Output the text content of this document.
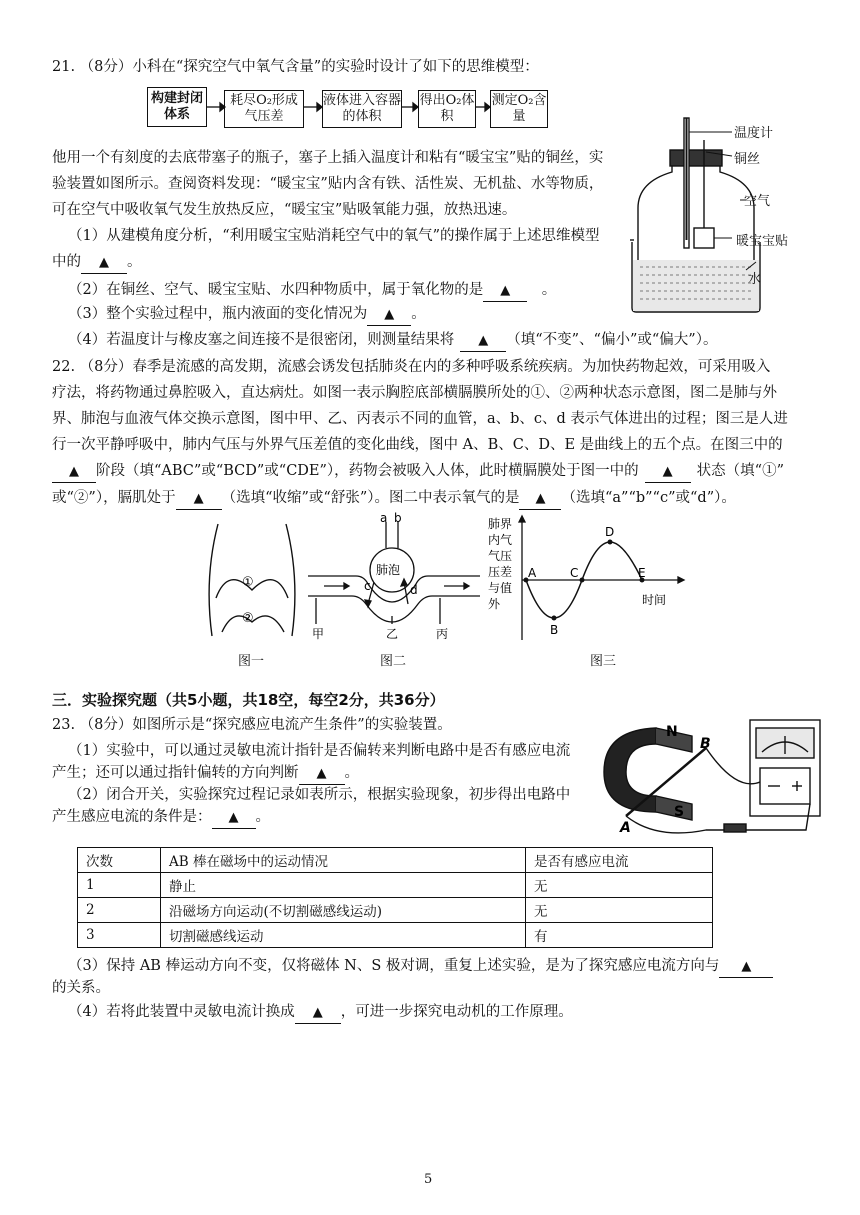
21. （8分）小科在“探究空气中氧气含量”的实验时设计了如下的思维模型：
构建封闭体系
耗尽O₂形成气压差
液体进入容器的体积
得出O₂体积
测定O₂含量
他用一个有刻度的去底带塞子的瓶子，塞子上插入温度计和粘有“暖宝宝”贴的铜丝，实
验装置如图所示。查阅资料发现：“暖宝宝”贴内含有铁、活性炭、无机盐、水等物质，
可在空气中吸收氧气发生放热反应，“暖宝宝”贴吸氧能力强，放热迅速。
（1）从建模角度分析，“利用暖宝宝贴消耗空气中的氧气”的操作属于上述思维模型
中的 ▲ 。
（2）在铜丝、空气、暖宝宝贴、水四种物质中，属于氧化物的是 ▲　。
（3）整个实验过程中，瓶内液面的变化情况为 ▲ 。
（4）若温度计与橡皮塞之间连接不是很密闭，则测量结果将 ▲ （填“不变”、“偏小”或“偏大”）。
温度计
铜丝
空气
暖宝宝贴
水
22. （8分）春季是流感的高发期，流感会诱发包括肺炎在内的多种呼吸系统疾病。为加快药物起效，可采用吸入
疗法，将药物通过鼻腔吸入，直达病灶。如图一表示胸腔底部横膈膜所处的①、②两种状态示意图，图二是肺与外
界、肺泡与血液气体交换示意图，图中甲、乙、丙表示不同的血管，a、b、c、d 表示气体进出的过程；图三是人进
行一次平静呼吸中，肺内气压与外界气压差值的变化曲线，图中 A、B、C、D、E 是曲线上的五个点。在图三中的
▲ 阶段（填“ABC”或“BCD”或“CDE”），药物会被吸入人体，此时横膈膜处于图一中的 ▲ 状态（填“①”
或“②”），膈肌处于 ▲ （选填“收缩”或“舒张”）。图二中表示氧气的是 ▲ （选填“a”“b”“c”或“d”）。
①
②
图一
a b
肺泡
c	d
甲	乙	丙
图二
肺界
内气
气压
压差
与值
外
A
B
C
D
E
时间
图三
三．实验探究题（共5小题，共18空，每空2分，共36分）
23. （8分）如图所示是“探究感应电流产生条件”的实验装置。
（1）实验中，可以通过灵敏电流计指针是否偏转来判断电路中是否有感应电流
产生；还可以通过指针偏转的方向判断 ▲ 。
（2）闭合开关，实验探究过程记录如表所示，根据实验现象，初步得出电路中
产生感应电流的条件是： ▲ 。
N
B
S
A
次数	AB 棒在磁场中的运动情况	是否有感应电流
1	静止	无
2	沿磁场方向运动(不切割磁感线运动)	无
3	切割磁感线运动	有
（3）保持 AB 棒运动方向不变，仅将磁体 N、S 极对调，重复上述实验，是为了探究感应电流方向与 ▲
的关系。
（4）若将此装置中灵敏电流计换成 ▲ ，可进一步探究电动机的工作原理。
5
